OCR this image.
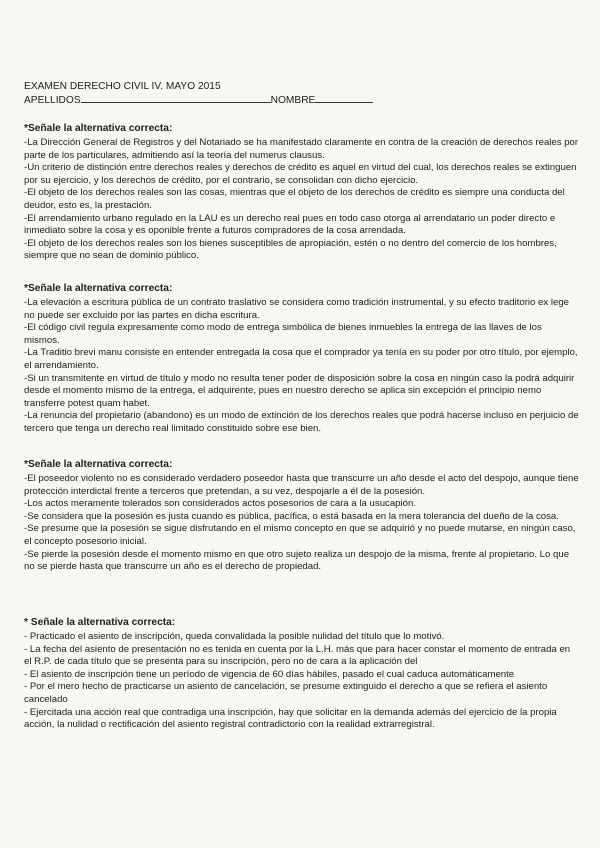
EXAMEN DERECHO CIVIL IV. MAYO 2015
APELLIDOS	NOMBRE
*Señale la alternativa correcta:
-La Dirección General de Registros y del Notariado se ha manifestado claramente en contra de la creación de derechos reales por parte de los particulares, admitiendo así la teoría del numerus clausus.
-Un criterio de distinción entre derechos reales y derechos de crédito es aquel en virtud del cual, los derechos reales se extinguen por su ejercicio, y los derechos de crédito, por el contrario, se consolidan con dicho ejercicio.
-El objeto de los derechos reales son las cosas, mientras que el objeto de los derechos de crédito es siempre una conducta del deudor, esto es, la prestación.
-El arrendamiento urbano regulado en la LAU es un derecho real pues en todo caso otorga al arrendatario un poder directo e inmediato sobre la cosa y es oponible frente a futuros compradores de la cosa arrendada.
-El objeto de los derechos reales son los bienes susceptibles de apropiación, estén o no dentro del comercio de los hombres, siempre que no sean de dominio público.
*Señale la alternativa correcta:
-La elevación a escritura pública de un contrato traslativo se considera como tradición instrumental, y su efecto traditorio ex lege no puede ser excluido por las partes en dicha escritura.
-El código civil regula expresamente como modo de entrega simbólica de bienes inmuebles la entrega de las llaves de los mismos.
-La Traditio brevi manu consiste en entender entregada la cosa que el comprador ya tenía en su poder por otro título, por ejemplo, el arrendamiento.
-Si un transmitente en virtud de título y modo no resulta tener poder de disposición sobre la cosa en ningún caso la podrá adquirir desde el momento mismo de la entrega, el adquirente, pues en nuestro derecho se aplica sin excepción el principio nemo transferre potest quam habet.
-La renuncia del propietario (abandono) es un modo de extinción de los derechos reales que podrá hacerse incluso en perjuicio de tercero que tenga un derecho real limitado constituido sobre ese bien.
*Señale la alternativa correcta:
-El poseedor violento no es considerado verdadero poseedor hasta que transcurre un año desde el acto del despojo, aunque tiene protección interdictal frente a terceros que pretendan, a su vez, despojarle a él de la posesión.
-Los actos meramente tolerados son considerados actos posesorios de cara a la usucapión.
-Se considera que la posesión es justa cuando es pública, pacífica, o está basada en la mera tolerancia del dueño de la cosa.
-Se presume que la posesión se sigue disfrutando en el mismo concepto en que se adquirió y no puede mutarse, en ningún caso, el concepto posesorio inicial.
-Se pierde la posesión desde el momento mismo en que otro sujeto realiza un despojo de la misma, frente al propietario. Lo que no se pierde hasta que transcurre un año es el derecho de propiedad.
* Señale la alternativa correcta:
- Practicado el asiento de inscripción, queda convalidada la posible nulidad del título que lo motivó.
- La fecha del asiento de presentación no es tenida en cuenta por la L.H. más que para hacer constar el momento de entrada en el R.P. de cada título que se presenta para su inscripción, pero no de cara a la aplicación del
- El asiento de inscripción tiene un período de vigencia de 60 días hábiles, pasado el cual caduca automáticamente
- Por el mero hecho de practicarse un asiento de cancelación, se presume extinguido el derecho a que se refiera el asiento cancelado
- Ejercitada una acción real que contradiga una inscripción, hay que solicitar en la demanda además del ejercicio de la propia acción, la nulidad o rectificación del asiento registral contradictorio con la realidad extrarregistral.
